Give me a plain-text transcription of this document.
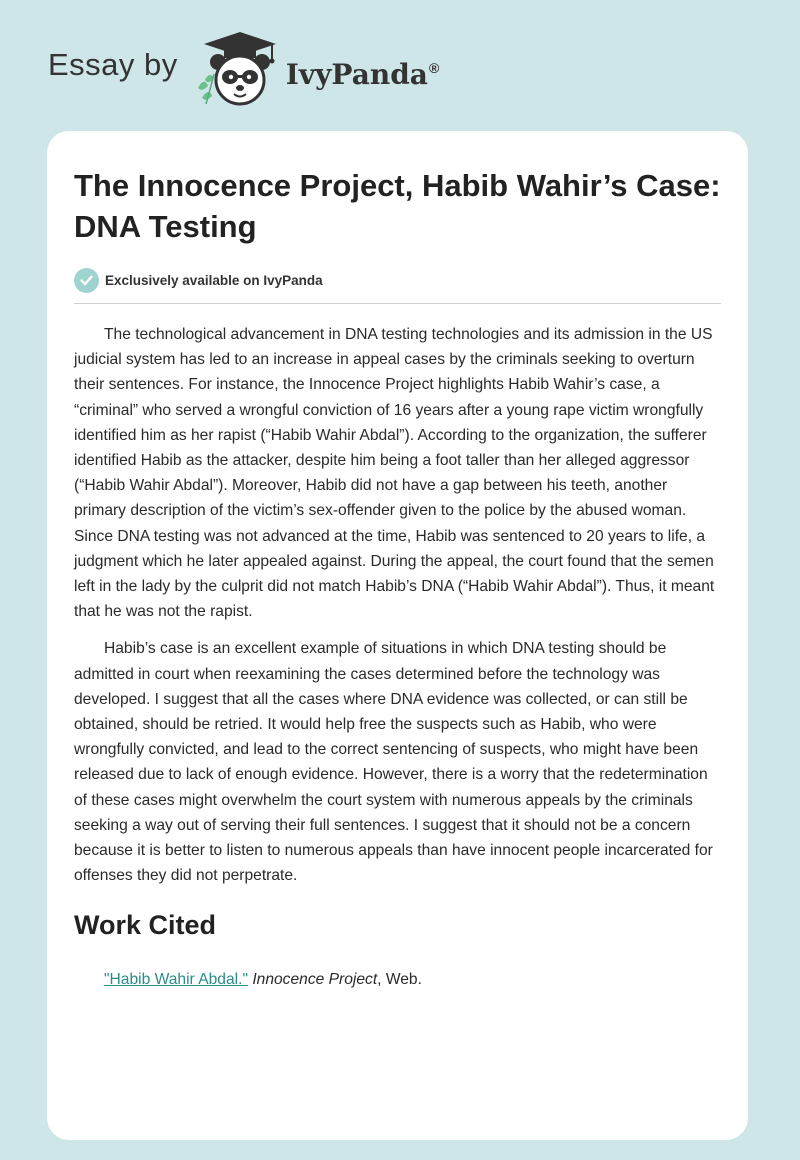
Essay by	IvyPanda®
The Innocence Project, Habib Wahir’s Case: DNA Testing
Exclusively available on IvyPanda

The technological advancement in DNA testing technologies and its admission in the US judicial system has led to an increase in appeal cases by the criminals seeking to overturn their sentences. For instance, the Innocence Project highlights Habib Wahir’s case, a “criminal” who served a wrongful conviction of 16 years after a young rape victim wrongfully identified him as her rapist (“Habib Wahir Abdal”). According to the organization, the sufferer identified Habib as the attacker, despite him being a foot taller than her alleged aggressor (“Habib Wahir Abdal”). Moreover, Habib did not have a gap between his teeth, another primary description of the victim’s sex-offender given to the police by the abused woman. Since DNA testing was not advanced at the time, Habib was sentenced to 20 years to life, a judgment which he later appealed against. During the appeal, the court found that the semen left in the lady by the culprit did not match Habib’s DNA (“Habib Wahir Abdal”). Thus, it meant that he was not the rapist.

Habib’s case is an excellent example of situations in which DNA testing should be admitted in court when reexamining the cases determined before the technology was developed. I suggest that all the cases where DNA evidence was collected, or can still be obtained, should be retried. It would help free the suspects such as Habib, who were wrongfully convicted, and lead to the correct sentencing of suspects, who might have been released due to lack of enough evidence. However, there is a worry that the redetermination of these cases might overwhelm the court system with numerous appeals by the criminals seeking a way out of serving their full sentences. I suggest that it should not be a concern because it is better to listen to numerous appeals than have innocent people incarcerated for offenses they did not perpetrate.

Work Cited

"Habib Wahir Abdal." Innocence Project, Web.
